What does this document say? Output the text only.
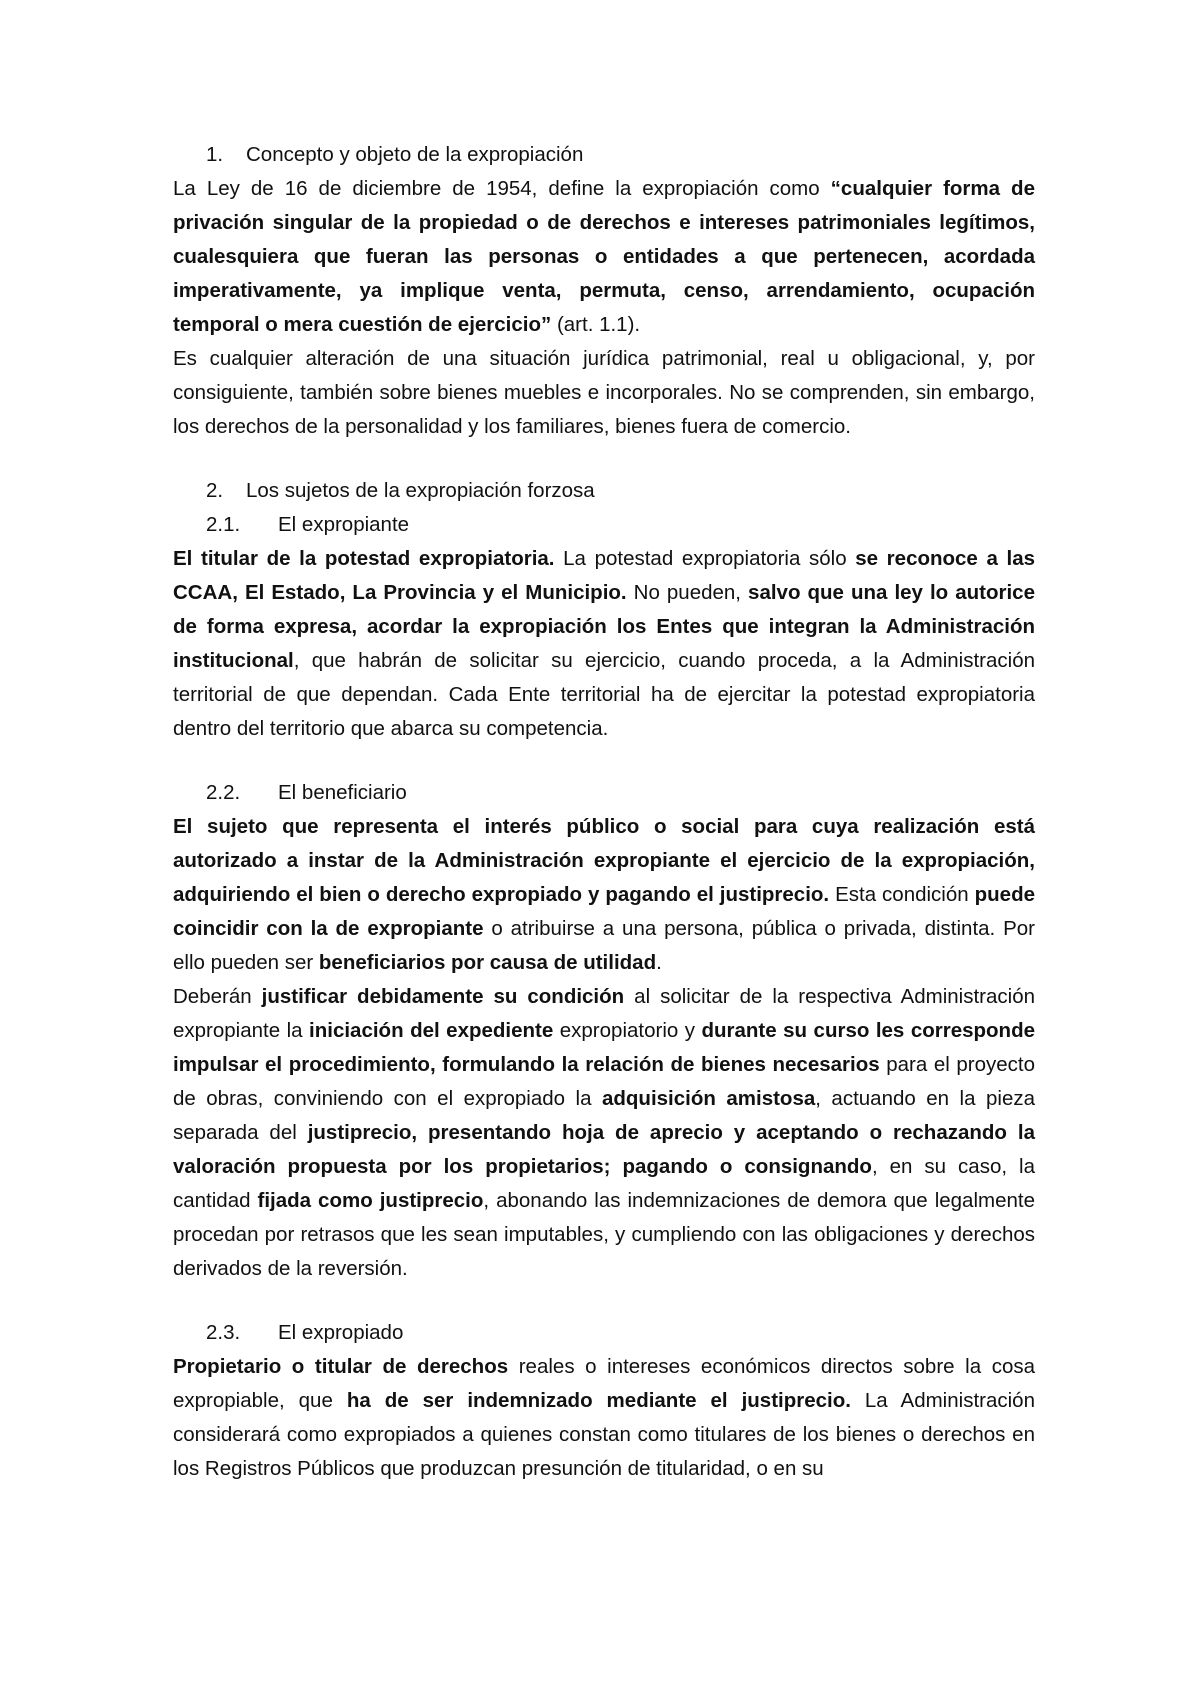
1.	Concepto y objeto de la expropiación

La Ley de 16 de diciembre de 1954, define la expropiación como “cualquier forma de privación singular de la propiedad o de derechos e intereses patrimoniales legítimos, cualesquiera que fueran las personas o entidades a que pertenecen, acordada imperativamente, ya implique venta, permuta, censo, arrendamiento, ocupación temporal o mera cuestión de ejercicio” (art. 1.1).

Es cualquier alteración de una situación jurídica patrimonial, real u obligacional, y, por consiguiente, también sobre bienes muebles e incorporales. No se comprenden, sin embargo, los derechos de la personalidad y los familiares, bienes fuera de comercio.

2.	Los sujetos de la expropiación forzosa
2.1.	El expropiante

El titular de la potestad expropiatoria. La potestad expropiatoria sólo se reconoce a las CCAA, El Estado, La Provincia y el Municipio. No pueden, salvo que una ley lo autorice de forma expresa, acordar la expropiación los Entes que integran la Administración institucional, que habrán de solicitar su ejercicio, cuando proceda, a la Administración territorial de que dependan. Cada Ente territorial ha de ejercitar la potestad expropiatoria dentro del territorio que abarca su competencia.

2.2.	El beneficiario

El sujeto que representa el interés público o social para cuya realización está autorizado a instar de la Administración expropiante el ejercicio de la expropiación, adquiriendo el bien o derecho expropiado y pagando el justiprecio. Esta condición puede coincidir con la de expropiante o atribuirse a una persona, pública o privada, distinta. Por ello pueden ser beneficiarios por causa de utilidad.

Deberán justificar debidamente su condición al solicitar de la respectiva Administración expropiante la iniciación del expediente expropiatorio y durante su curso les corresponde impulsar el procedimiento, formulando la relación de bienes necesarios para el proyecto de obras, conviniendo con el expropiado la adquisición amistosa, actuando en la pieza separada del justiprecio, presentando hoja de aprecio y aceptando o rechazando la valoración propuesta por los propietarios; pagando o consignando, en su caso, la cantidad fijada como justiprecio, abonando las indemnizaciones de demora que legalmente procedan por retrasos que les sean imputables, y cumpliendo con las obligaciones y derechos derivados de la reversión.

2.3.	El expropiado

Propietario o titular de derechos reales o intereses económicos directos sobre la cosa expropiable, que ha de ser indemnizado mediante el justiprecio. La Administración considerará como expropiados a quienes constan como titulares de los bienes o derechos en los Registros Públicos que produzcan presunción de titularidad, o en su
